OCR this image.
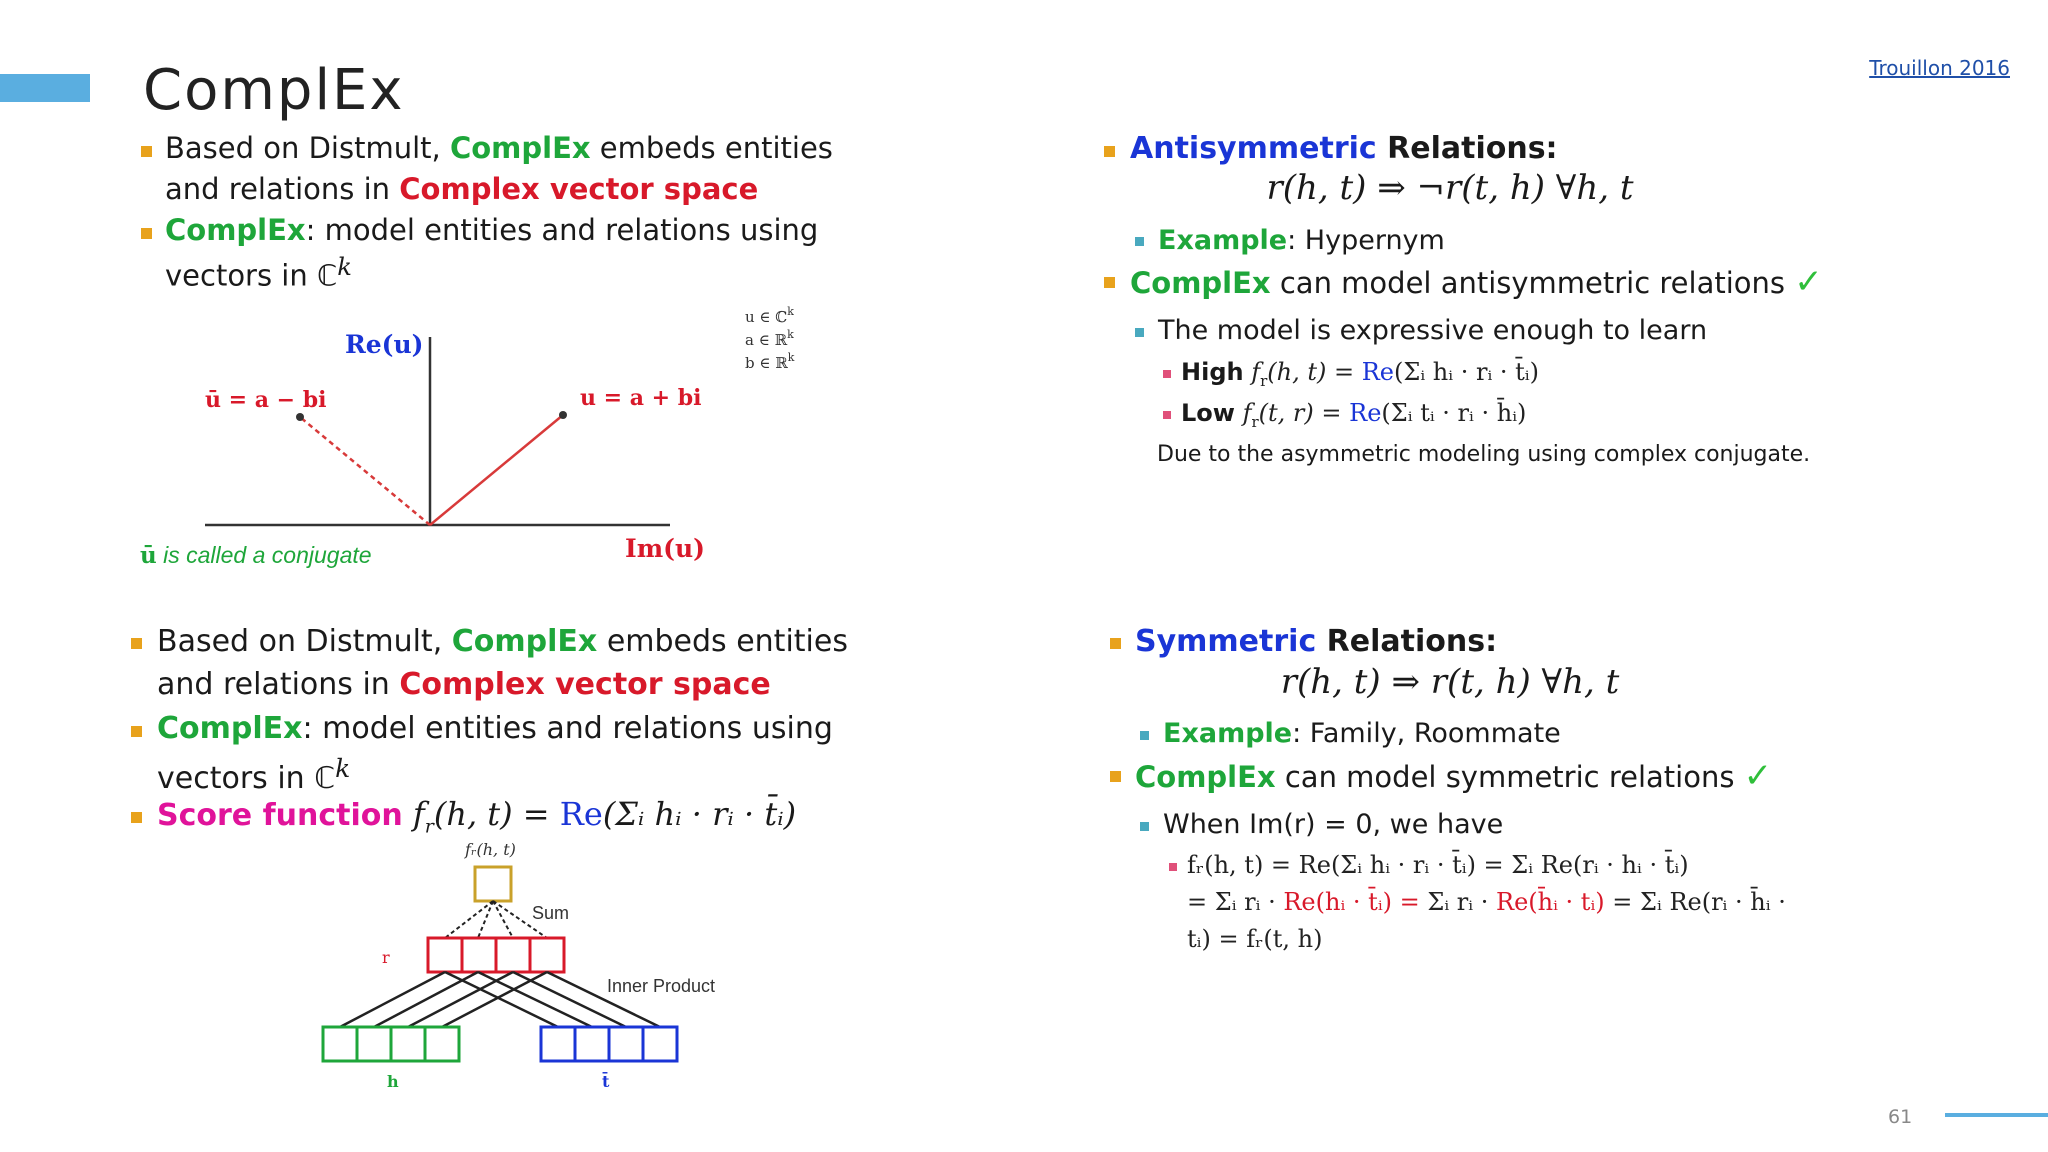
ComplEx	Trouillon 2016
Based on Distmult, ComplEx embeds entities
and relations in Complex vector space
ComplEx: model entities and relations using
vectors in ℂ$^k$
Re(u)
Im(u)
ū = a − bi	u = a + bi
u ∈ ℂ$^k$
a ∈ ℝ$^k$
b ∈ ℝ$^k$
ū is called a conjugate
Antisymmetric Relations:
r(h, t) ⇒ ¬r(t, h) ∀h, t
Example: Hypernym
ComplEx can model antisymmetric relations ✓
The model is expressive enough to learn
High $f_r(h$, t) = Re(Σᵢ hᵢ · rᵢ · t̄ᵢ)
Low $f_r(t$, r) = Re(Σᵢ tᵢ · rᵢ · h̄ᵢ)
Due to the asymmetric modeling using complex conjugate.
Based on Distmult, ComplEx embeds entities
and relations in Complex vector space
ComplEx: model entities and relations using
vectors in ℂ$^k$
Score function $f_r(h$, t) = Re(Σᵢ hᵢ · rᵢ · t̄ᵢ)
fᵣ(h, t)
Sum
r
Inner Product
h	t̄
Symmetric Relations:
r(h, t) ⇒ r(t, h) ∀h, t
Example: Family, Roommate
ComplEx can model symmetric relations ✓
When Im(r) = 0, we have
fᵣ(h, t) = Re(Σᵢ hᵢ · rᵢ · t̄ᵢ) = Σᵢ Re(rᵢ · hᵢ · t̄ᵢ)
= Σᵢ rᵢ · Re(hᵢ · t̄ᵢ) = Σᵢ rᵢ · Re(h̄ᵢ · tᵢ) = Σᵢ Re(rᵢ · h̄ᵢ ·
tᵢ) = fᵣ(t, h)
61
